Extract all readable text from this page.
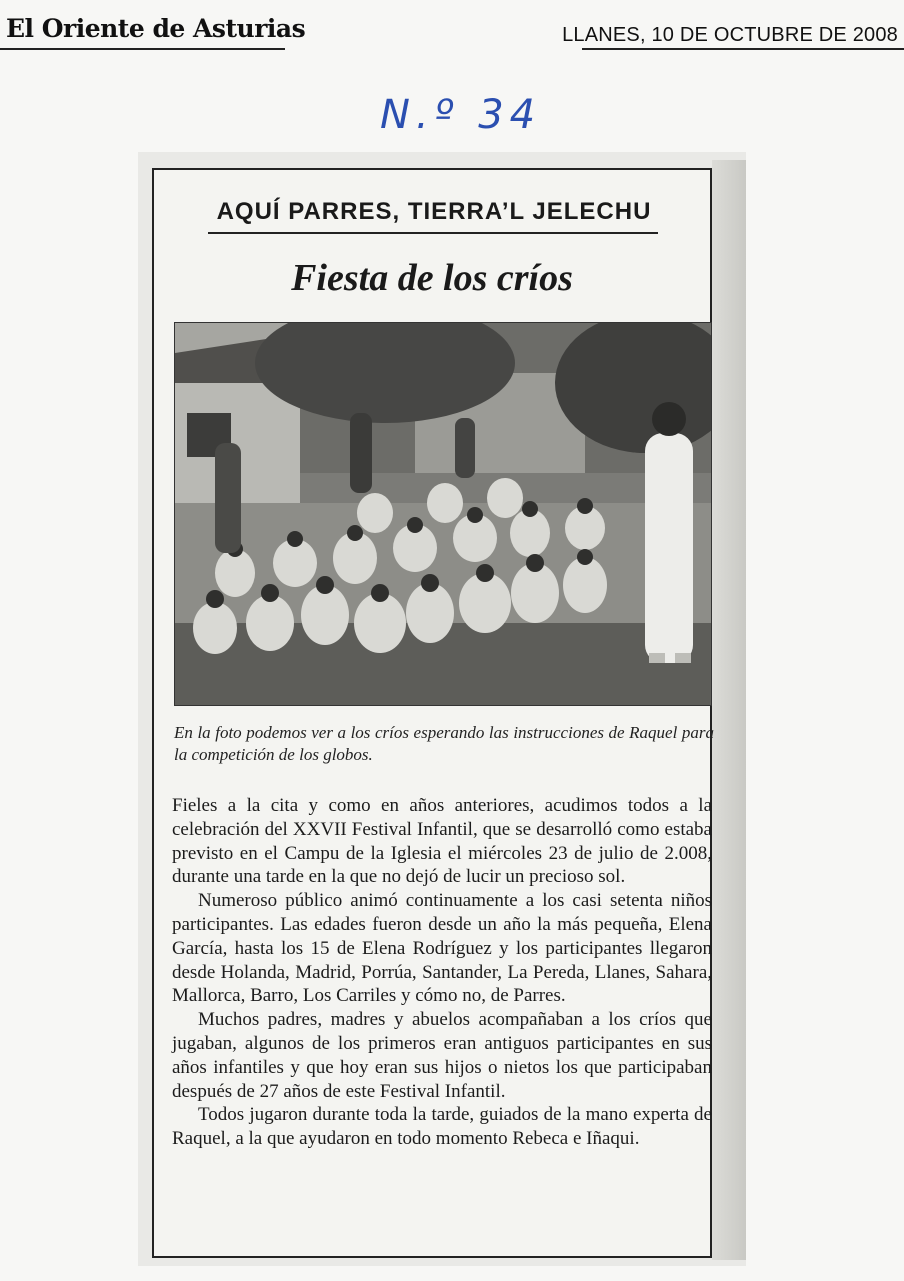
El Oriente de Asturias	LLANES, 10 DE OCTUBRE DE 2008
N.º 34
AQUÍ PARRES, TIERRA’L JELECHU
Fiesta de los críos
En la foto podemos ver a los críos esperando las instrucciones de Raquel para la competición de los globos.

Fieles a la cita y como en años anteriores, acudimos todos a la celebración del XXVII Festival Infantil, que se desarrolló como estaba previsto en el Campu de la Iglesia el miércoles 23 de julio de 2.008, durante una tarde en la que no dejó de lucir un precioso sol.

Numeroso público animó continuamente a los casi setenta niños participantes. Las edades fueron desde un año la más pequeña, Elena García, hasta los 15 de Elena Rodríguez y los participantes llegaron desde Holanda, Madrid, Porrúa, Santander, La Pereda, Llanes, Sahara, Mallorca, Barro, Los Carriles y cómo no, de Parres.

Muchos padres, madres y abuelos acompañaban a los críos que jugaban, algunos de los primeros eran antiguos participantes en sus años infantiles y que hoy eran sus hijos o nietos los que participaban después de 27 años de este Festival Infantil.

Todos jugaron durante toda la tarde, guiados de la mano experta de Raquel, a la que ayudaron en todo momento Rebeca e Iñaqui.
